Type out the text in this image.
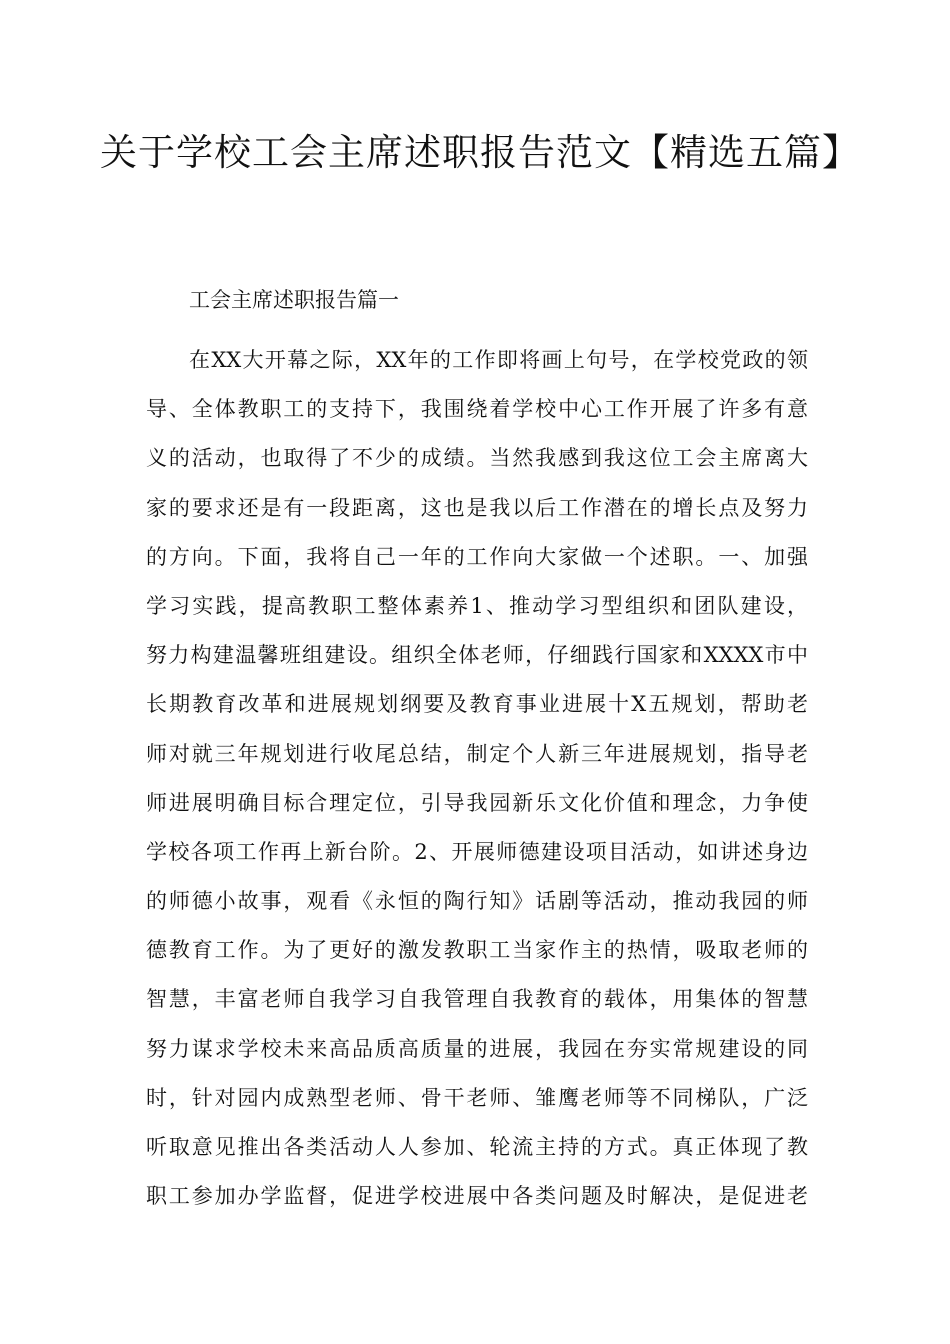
关于学校工会主席述职报告范文【精选五篇】
工会主席述职报告篇一
在XX大开幕之际，XX年的工作即将画上句号，在学校党政的领
导、全体教职工的支持下，我围绕着学校中心工作开展了许多有意
义的活动，也取得了不少的成绩。当然我感到我这位工会主席离大
家的要求还是有一段距离，这也是我以后工作潜在的增长点及努力
的方向。下面，我将自己一年的工作向大家做一个述职。一、加强
学习实践，提高教职工整体素养1、推动学习型组织和团队建设，
努力构建温馨班组建设。组织全体老师，仔细践行国家和XXXX市中
长期教育改革和进展规划纲要及教育事业进展十X五规划，帮助老
师对就三年规划进行收尾总结，制定个人新三年进展规划，指导老
师进展明确目标合理定位，引导我园新乐文化价值和理念，力争使
学校各项工作再上新台阶。2、开展师德建设项目活动，如讲述身边
的师德小故事，观看《永恒的陶行知》话剧等活动，推动我园的师
德教育工作。为了更好的激发教职工当家作主的热情，吸取老师的
智慧，丰富老师自我学习自我管理自我教育的载体，用集体的智慧
努力谋求学校未来高品质高质量的进展，我园在夯实常规建设的同
时，针对园内成熟型老师、骨干老师、雏鹰老师等不同梯队，广泛
听取意见推出各类活动人人参加、轮流主持的方式。真正体现了教
职工参加办学监督，促进学校进展中各类问题及时解决，是促进老
